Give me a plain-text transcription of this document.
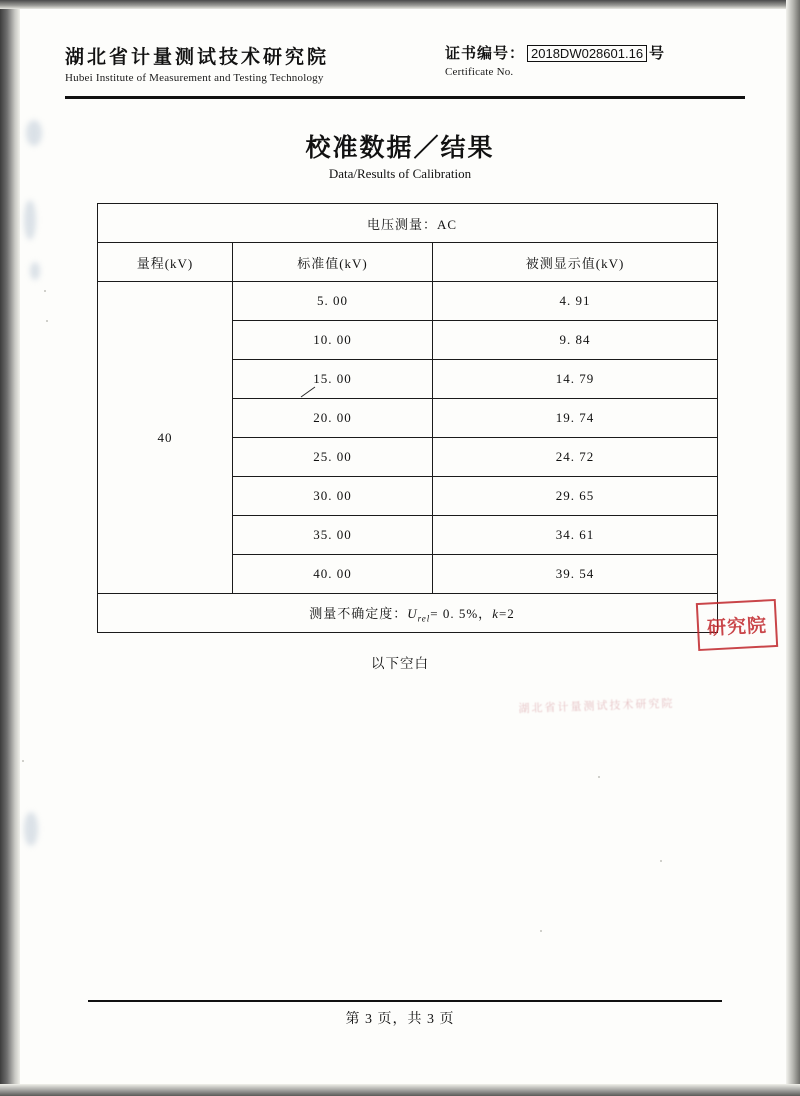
湖北省计量测试技术研究院
Hubei Institute of Measurement and Testing Technology
证书编号： 2018DW028601.16 号
Certificate No.
校准数据／结果
Data/Results of Calibration
电压测量：AC		
量程(kV)	标准值(kV)	被测显示值(kV)
40	5. 00	4. 91
	10. 00	9. 84
	15. 00	14. 79
	20. 00	19. 74
	25. 00	24. 72
	30. 00	29. 65
	35. 00	34. 61
	40. 00	39. 54
测量不确定度：$U_{rel}= 0$. 5%，k=2		
研究院
湖北省计量测试技术研究院
以下空白
第 3 页，共 3 页
